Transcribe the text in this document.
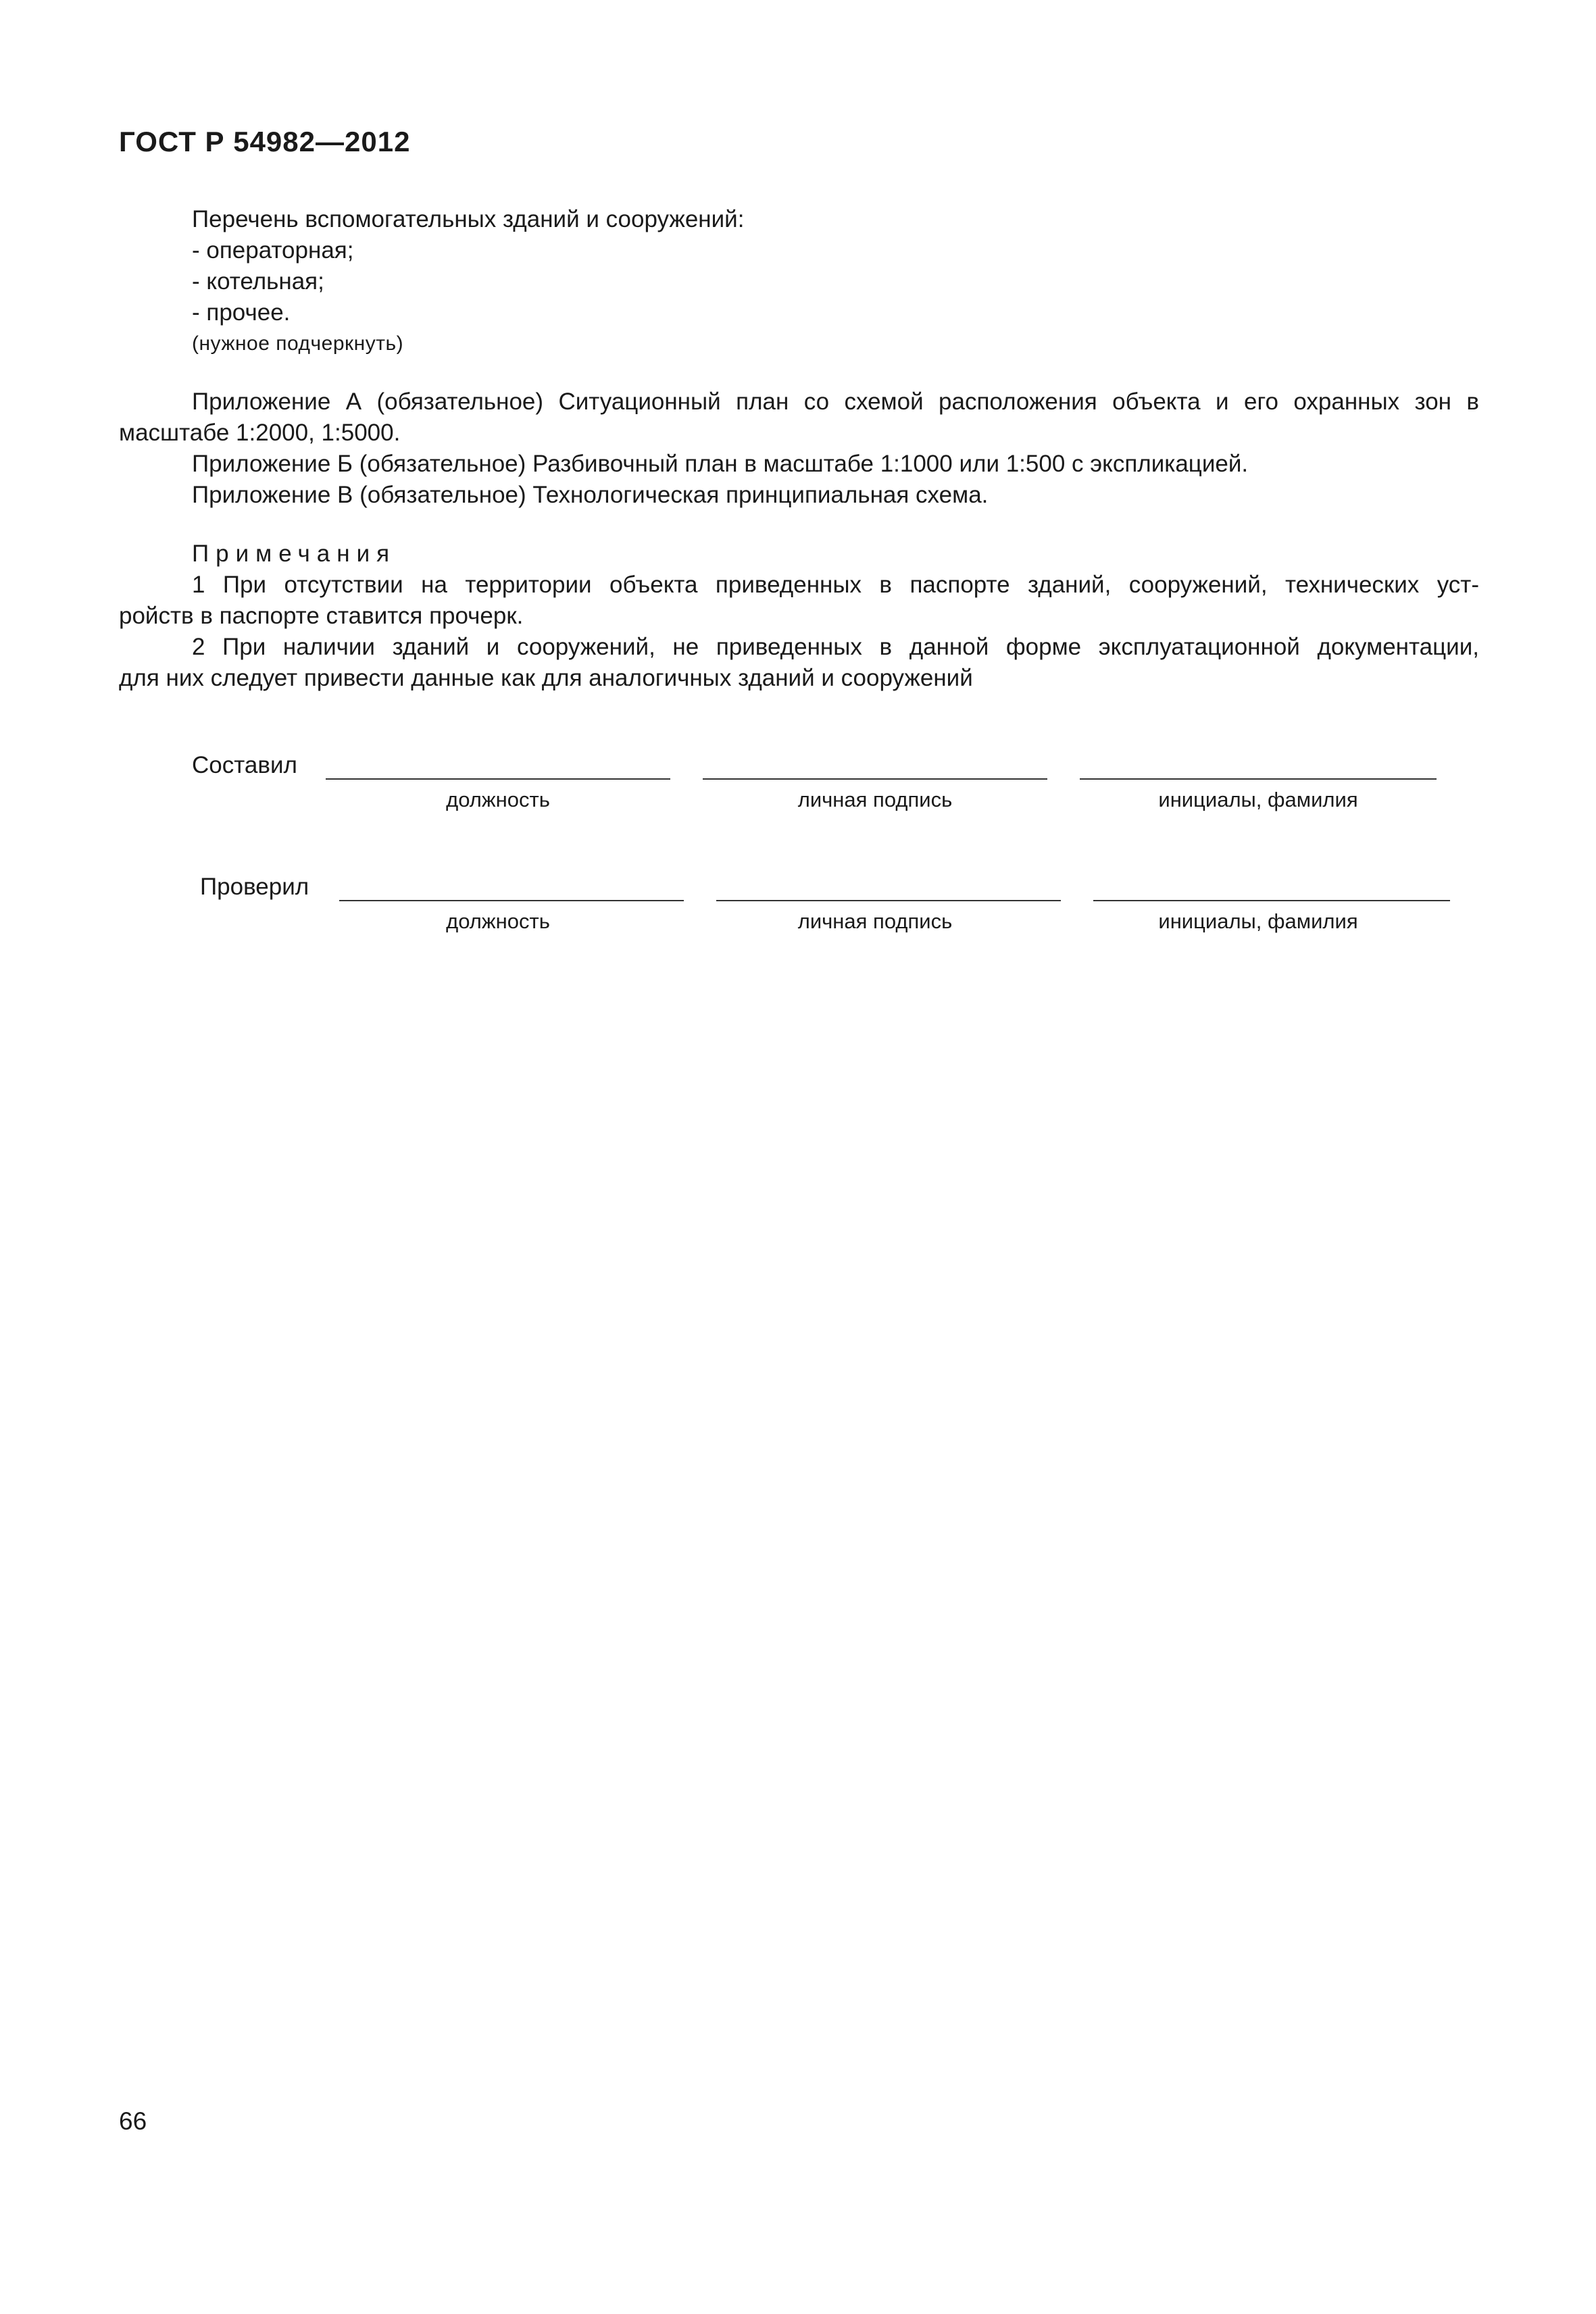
ГОСТ Р 54982—2012
Перечень вспомогательных зданий и сооружений:
- операторная;
- котельная;
- прочее.
(нужное подчеркнуть)
Приложение А (обязательное) Ситуационный план со схемой расположения объекта и его охранных зон в
масштабе 1:2000, 1:5000.
Приложение Б (обязательное) Разбивочный план в масштабе 1:1000 или 1:500 с экспликацией.
Приложение В (обязательное) Технологическая принципиальная схема.
Примечания
1 При отсутствии на территории объекта приведенных в паспорте зданий, сооружений, технических уст-
ройств в паспорте ставится прочерк.
2 При наличии зданий и сооружений, не приведенных в данной форме эксплуатационной документации,
для них следует привести данные как для аналогичных зданий и сооружений
Составил
должность	личная подпись	инициалы, фамилия
Проверил
должность	личная подпись	инициалы, фамилия
66
